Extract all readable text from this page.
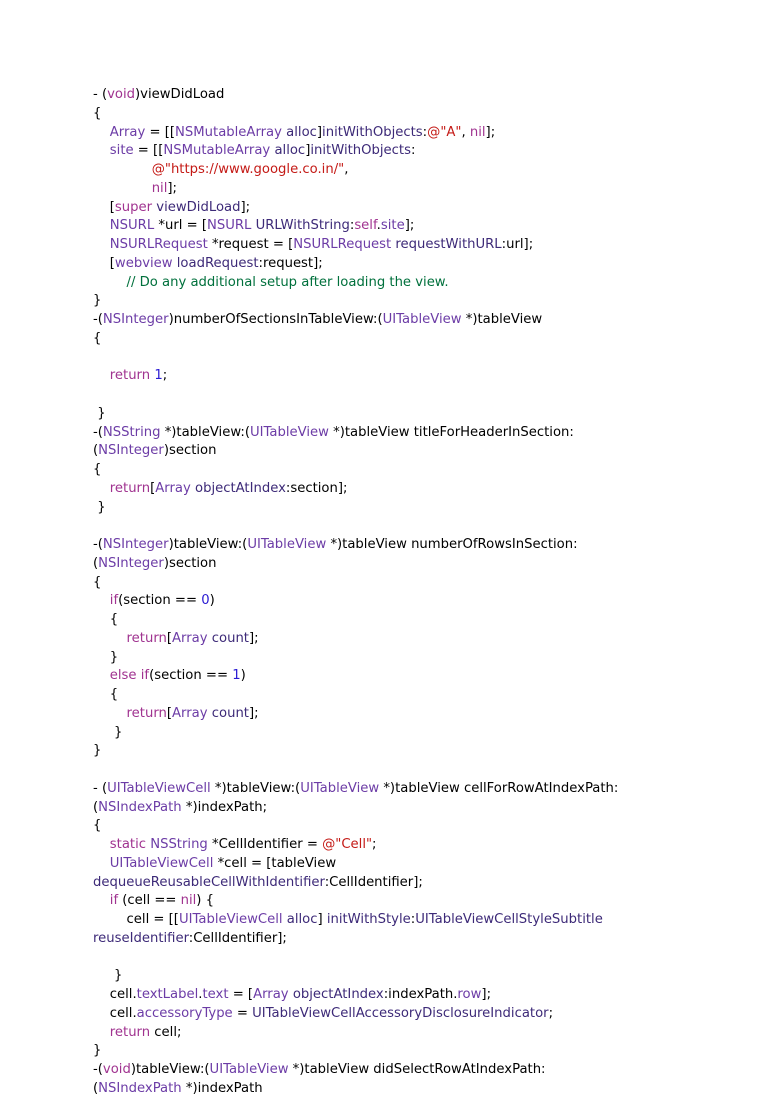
- (void)viewDidLoad
{
Array = [[NSMutableArray alloc]initWithObjects:@"A", nil];
site = [[NSMutableArray alloc]initWithObjects:
@"https://www.google.co.in/",
nil];
[super viewDidLoad];
NSURL *url = [NSURL URLWithString:self.site];
NSURLRequest *request = [NSURLRequest requestWithURL:url];
[webview loadRequest:request];
// Do any additional setup after loading the view.
}
-(NSInteger)numberOfSectionsInTableView:(UITableView *)tableView
{
return 1;
}
-(NSString *)tableView:(UITableView *)tableView titleForHeaderInSection:
(NSInteger)section
{
return[Array objectAtIndex:section];
}
-(NSInteger)tableView:(UITableView *)tableView numberOfRowsInSection:
(NSInteger)section
{
if(section == 0)
{
return[Array count];
}
else if(section == 1)
{
return[Array count];
}
}
- (UITableViewCell *)tableView:(UITableView *)tableView cellForRowAtIndexPath:
(NSIndexPath *)indexPath;
{
static NSString *CellIdentifier = @"Cell";
UITableViewCell *cell = [tableView
dequeueReusableCellWithIdentifier:CellIdentifier];
if (cell == nil) {
cell = [[UITableViewCell alloc] initWithStyle:UITableViewCellStyleSubtitle
reuseIdentifier:CellIdentifier];
}
cell.textLabel.text = [Array objectAtIndex:indexPath.row];
cell.accessoryType = UITableViewCellAccessoryDisclosureIndicator;
return cell;
}
-(void)tableView:(UITableView *)tableView didSelectRowAtIndexPath:
(NSIndexPath *)indexPath
